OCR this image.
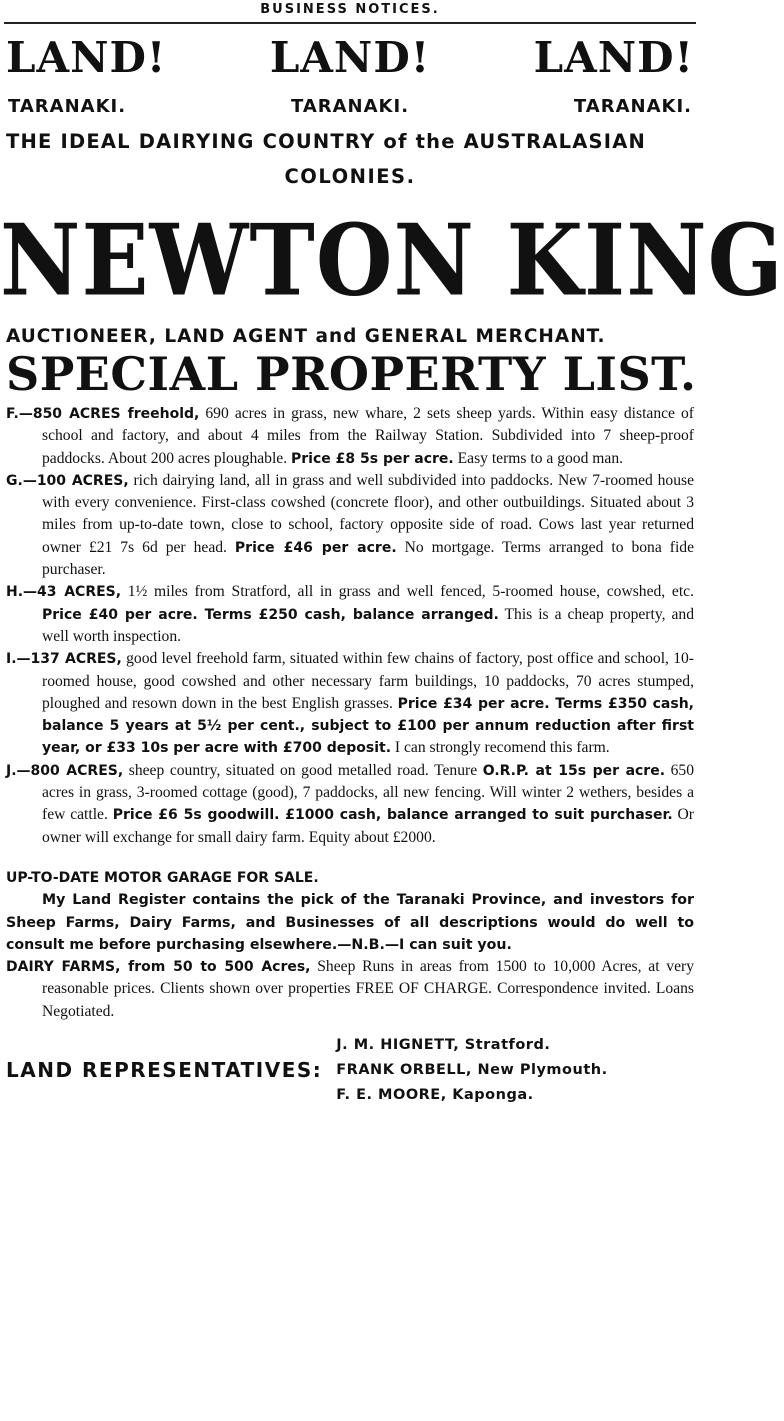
BUSINESS NOTICES.
LAND! LAND! LAND!
TARANAKI.	TARANAKI.	TARANAKI.
THE IDEAL DAIRYING COUNTRY of the AUSTRALASIAN
COLONIES.
NEWTON KING
AUCTIONEER, LAND AGENT and GENERAL MERCHANT.
SPECIAL PROPERTY LIST.

F.—850 ACRES freehold, 690 acres in grass, new whare, 2 sets sheep yards. Within easy distance of school and factory, and about 4 miles from the Railway Station. Subdivided into 7 sheep-proof paddocks. About 200 acres ploughable. Price £8 5s per acre. Easy terms to a good man.

G.—100 ACRES, rich dairying land, all in grass and well subdivided into paddocks. New 7-roomed house with every convenience. First-class cowshed (concrete floor), and other outbuildings. Situated about 3 miles from up-to-date town, close to school, factory opposite side of road. Cows last year returned owner £21 7s 6d per head. Price £46 per acre. No mortgage. Terms arranged to bona fide purchaser.

H.—43 ACRES, 1½ miles from Stratford, all in grass and well fenced, 5-roomed house, cowshed, etc. Price £40 per acre. Terms £250 cash, balance arranged. This is a cheap property, and well worth inspection.

I.—137 ACRES, good level freehold farm, situated within few chains of factory, post office and school, 10-roomed house, good cowshed and other necessary farm buildings, 10 paddocks, 70 acres stumped, ploughed and resown down in the best English grasses. Price £34 per acre. Terms £350 cash, balance 5 years at 5½ per cent., subject to £100 per annum reduction after first year, or £33 10s per acre with £700 deposit. I can strongly recomend this farm.

J.—800 ACRES, sheep country, situated on good metalled road. Tenure O.R.P. at 15s per acre. 650 acres in grass, 3-roomed cottage (good), 7 paddocks, all new fencing. Will winter 2 wethers, besides a few cattle. Price £6 5s goodwill. £1000 cash, balance arranged to suit purchaser. Or owner will exchange for small dairy farm. Equity about £2000.

UP-TO-DATE MOTOR GARAGE FOR SALE.

My Land Register contains the pick of the Taranaki Province, and investors for Sheep Farms, Dairy Farms, and Businesses of all descriptions would do well to consult me before purchasing elsewhere.—N.B.—I can suit you.

DAIRY FARMS, from 50 to 500 Acres, Sheep Runs in areas from 1500 to 10,000 Acres, at very reasonable prices. Clients shown over properties FREE OF CHARGE. Correspondence invited. Loans Negotiated.

LAND REPRESENTATIVES:
J. M. HIGNETT, Stratford.
FRANK ORBELL, New Plymouth.
F. E. MOORE, Kaponga.
